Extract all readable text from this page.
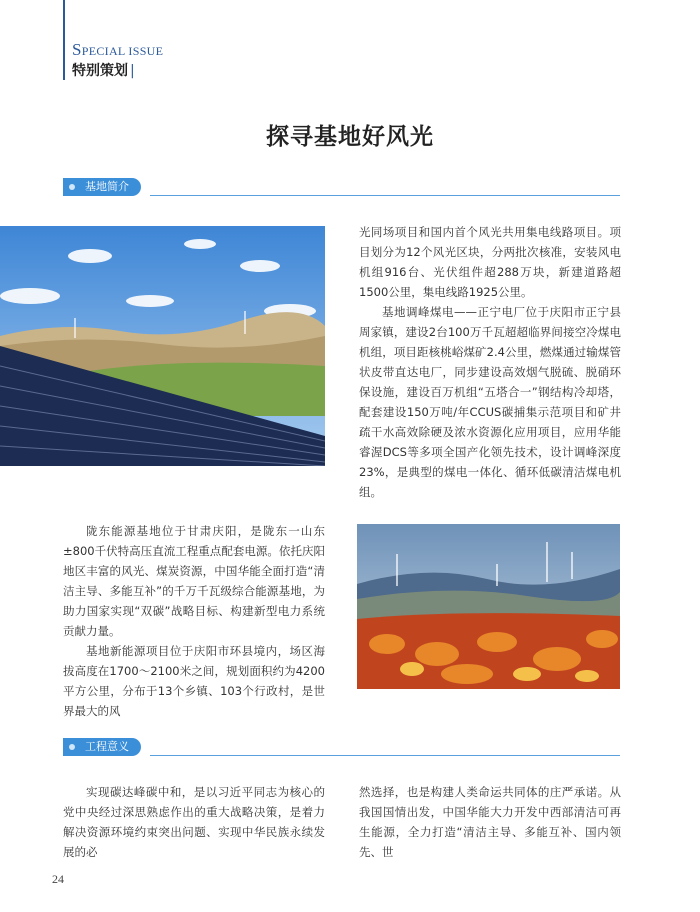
SPECIAL ISSUE
特别策划 |
探寻基地好风光
基地简介

光同场项目和国内首个风光共用集电线路项目。项目划分为12个风光区块，分两批次核准，安装风电机组916台、光伏组件超288万块，新建道路超1500公里，集电线路1925公里。

基地调峰煤电——正宁电厂位于庆阳市正宁县周家镇，建设2台100万千瓦超超临界间接空冷煤电机组，项目距核桃峪煤矿2.4公里，燃煤通过输煤管状皮带直达电厂，同步建设高效烟气脱硫、脱硝环保设施，建设百万机组“五塔合一”钢结构冷却塔，配套建设150万吨/年CCUS碳捕集示范项目和矿井疏干水高效除硬及浓水资源化应用项目，应用华能睿渥DCS等多项全国产化领先技术，设计调峰深度23%，是典型的煤电一体化、循环低碳清洁煤电机组。

陇东能源基地位于甘肃庆阳，是陇东一山东±800千伏特高压直流工程重点配套电源。依托庆阳地区丰富的风光、煤炭资源，中国华能全面打造“清洁主导、多能互补”的千万千瓦级综合能源基地，为助力国家实现“双碳”战略目标、构建新型电力系统贡献力量。

基地新能源项目位于庆阳市环县境内，场区海拔高度在1700～2100米之间，规划面积约为4200平方公里，分布于13个乡镇、103个行政村，是世界最大的风

工程意义
实现碳达峰碳中和，是以习近平同志为核心的党中央经过深思熟虑作出的重大战略决策，是着力解决资源环境约束突出问题、实现中华民族永续发展的必
然选择，也是构建人类命运共同体的庄严承诺。从我国国情出发，中国华能大力开发中西部清洁可再生能源，全力打造“清洁主导、多能互补、国内领先、世
24
